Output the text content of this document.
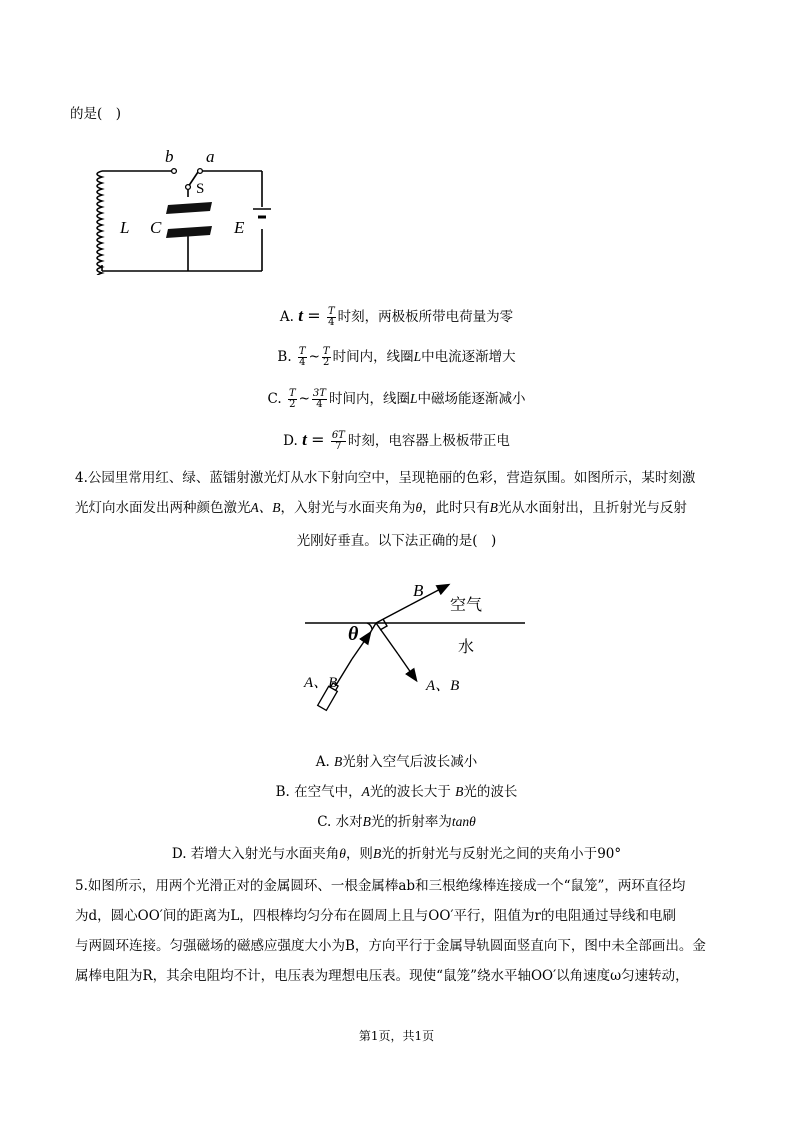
的是(　)
b a
S
L C	E
A. $t = \frac{T}{4}$ 时刻，两极板所带电荷量为零
B. $\frac{T}{4}$ ~ $\frac{T}{2}$ 时间内，线圈L中电流逐渐增大
C. $\frac{T}{2}$ ~ $\frac{3T}{4}$ 时间内，线圈L中磁场能逐渐减小
D. $t = \frac{6T}{7}$ 时刻，电容器上极板带正电
4.公园里常用红、绿、蓝镭射激光灯从水下射向空中，呈现艳丽的色彩，营造氛围。如图所示，某时刻激
光灯向水面发出两种颜色激光A、B，入射光与水面夹角为θ，此时只有B光从水面射出，且折射光与反射
光刚好垂直。以下法正确的是(　)
B
空气
水
θ
A、B	A、B
A. B光射入空气后波长减小
B. 在空气中，A光的波长大于 B光的波长
C. 水对B光的折射率为tanθ
D. 若增大入射光与水面夹角θ，则B光的折射光与反射光之间的夹角小于90°
5.如图所示，用两个光滑正对的金属圆环、一根金属棒ab和三根绝缘棒连接成一个“鼠笼”，两环直径均
为d，圆心OO′间的距离为L，四根棒均匀分布在圆周上且与OO′平行，阻值为r的电阻通过导线和电刷
与两圆环连接。匀强磁场的磁感应强度大小为B，方向平行于金属导轨圆面竖直向下，图中未全部画出。金
属棒电阻为R，其余电阻均不计，电压表为理想电压表。现使“鼠笼”绕水平轴OO′以角速度ω匀速转动，
第1页，共1页
